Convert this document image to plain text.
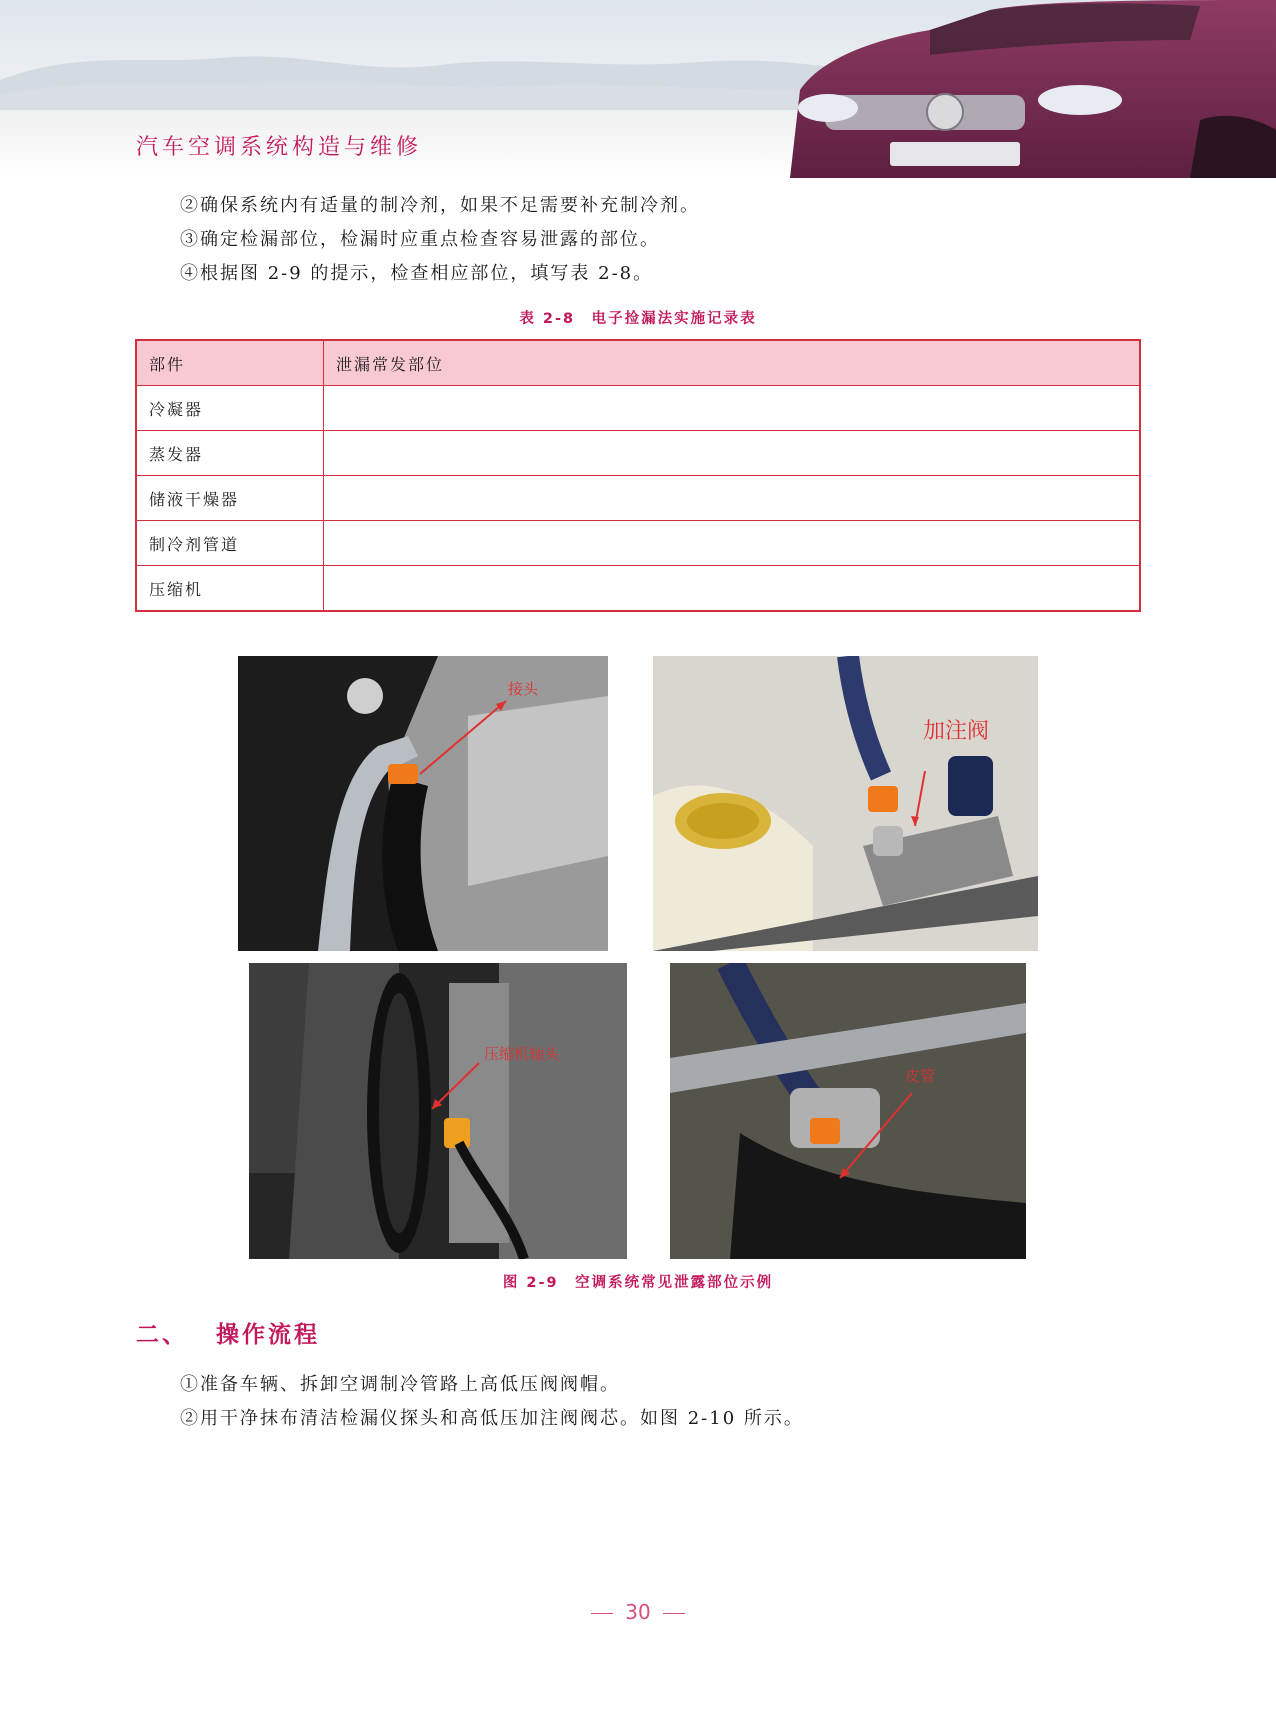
汽车空调系统构造与维修
②确保系统内有适量的制冷剂，如果不足需要补充制冷剂。
③确定检漏部位，检漏时应重点检查容易泄露的部位。
④根据图 2-9 的提示，检查相应部位，填写表 2-8。
表 2-8　电子捡漏法实施记录表
部件	泄漏常发部位
冷凝器	
蒸发器	
储液干燥器	
制冷剂管道	
压缩机	
接头
加注阀
压缩机轴头
皮管
图 2-9　空调系统常见泄露部位示例
二、 操作流程
①准备车辆、拆卸空调制冷管路上高低压阀阀帽。
②用干净抹布清洁检漏仪探头和高低压加注阀阀芯。如图 2-10 所示。
30
